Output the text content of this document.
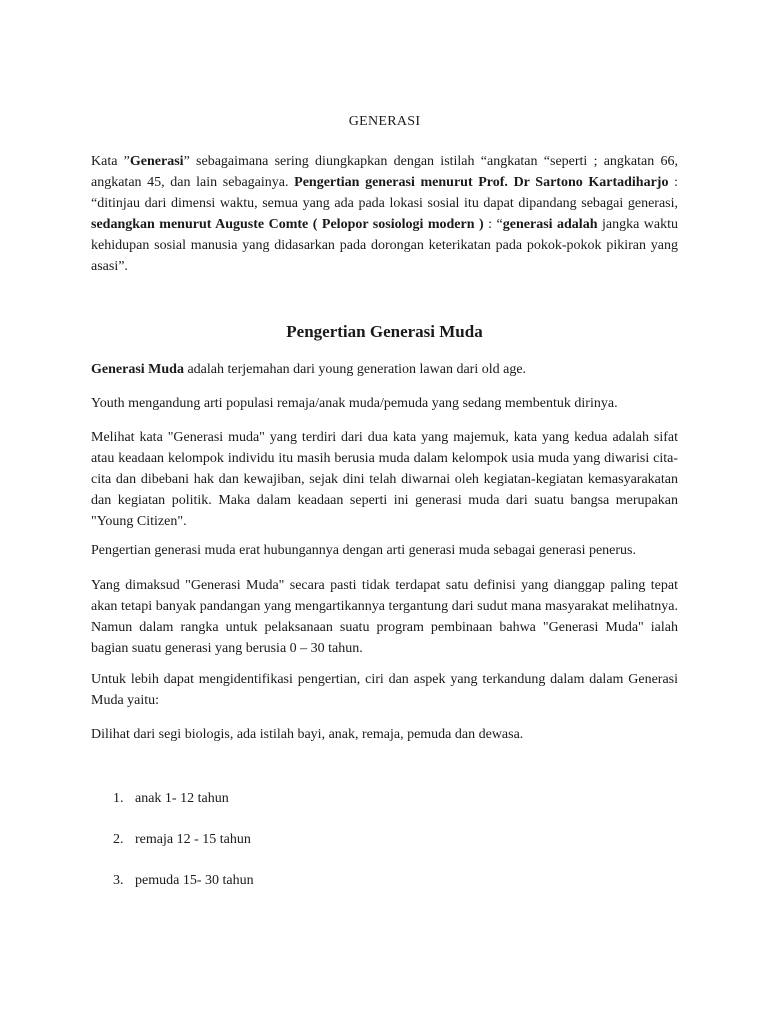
GENERASI

Kata ”Generasi” sebagaimana sering diungkapkan dengan istilah “angkatan “seperti ; angkatan 66, angkatan 45, dan lain sebagainya. Pengertian generasi menurut Prof. Dr Sartono Kartadiharjo : “ditinjau dari dimensi waktu, semua yang ada pada lokasi sosial itu dapat dipandang sebagai generasi, sedangkan menurut Auguste Comte ( Pelopor sosiologi modern ) : “generasi adalah jangka waktu kehidupan sosial manusia yang didasarkan pada dorongan keterikatan pada pokok-pokok pikiran yang asasi”.

Pengertian Generasi Muda

Generasi Muda adalah terjemahan dari young generation lawan dari old age.

Youth mengandung arti populasi remaja/anak muda/pemuda yang sedang membentuk dirinya.

Melihat kata "Generasi muda" yang terdiri dari dua kata yang majemuk, kata yang kedua adalah sifat atau keadaan kelompok individu itu masih berusia muda dalam kelompok usia muda yang diwarisi cita-cita dan dibebani hak dan kewajiban, sejak dini telah diwarnai oleh kegiatan-kegiatan kemasyarakatan dan kegiatan politik. Maka dalam keadaan seperti ini generasi muda dari suatu bangsa merupakan "Young Citizen".

Pengertian generasi muda erat hubungannya dengan arti generasi muda sebagai generasi penerus.

Yang dimaksud "Generasi Muda" secara pasti tidak terdapat satu definisi yang dianggap paling tepat akan tetapi banyak pandangan yang mengartikannya tergantung dari sudut mana masyarakat melihatnya. Namun dalam rangka untuk pelaksanaan suatu program pembinaan bahwa "Generasi Muda" ialah bagian suatu generasi yang berusia 0 – 30 tahun.

Untuk lebih dapat mengidentifikasi pengertian, ciri dan aspek yang terkandung dalam dalam Generasi Muda yaitu:

Dilihat dari segi biologis, ada istilah bayi, anak, remaja, pemuda dan dewasa.

1. anak 1- 12 tahun
2. remaja 12 - 15 tahun
3. pemuda 15- 30 tahun
